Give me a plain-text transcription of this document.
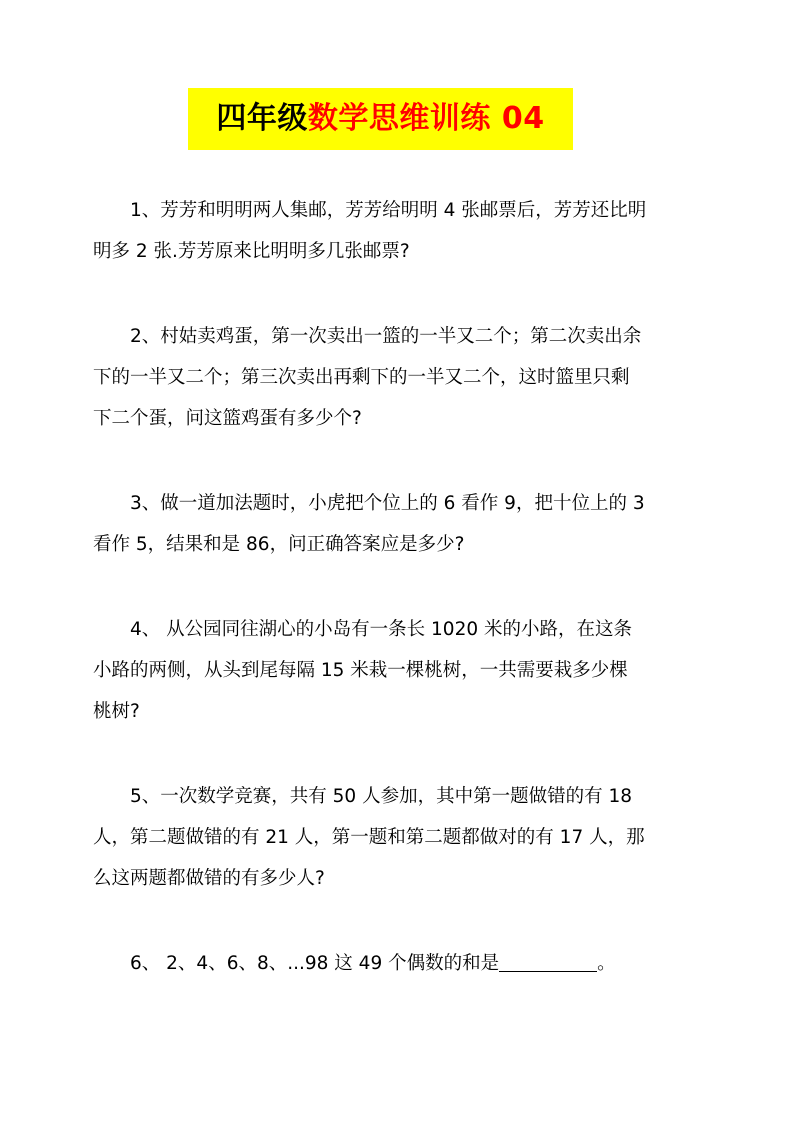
四年级数学思维训练 04

1、芳芳和明明两人集邮，芳芳给明明 4 张邮票后，芳芳还比明
明多 2 张.芳芳原来比明明多几张邮票?

2、村姑卖鸡蛋，第一次卖出一篮的一半又二个；第二次卖出余
下的一半又二个；第三次卖出再剩下的一半又二个，这时篮里只剩
下二个蛋，问这篮鸡蛋有多少个?

3、做一道加法题时，小虎把个位上的 6 看作 9，把十位上的 3
看作 5，结果和是 86，问正确答案应是多少?

4、 从公园同往湖心的小岛有一条长 1020 米的小路，在这条
小路的两侧，从头到尾每隔 15 米栽一棵桃树，一共需要栽多少棵
桃树?

5、一次数学竞赛，共有 50 人参加，其中第一题做错的有 18
人，第二题做错的有 21 人，第一题和第二题都做对的有 17 人，那
么这两题都做错的有多少人?

6、 2、4、6、8、...98 这 49 个偶数的和是	。
